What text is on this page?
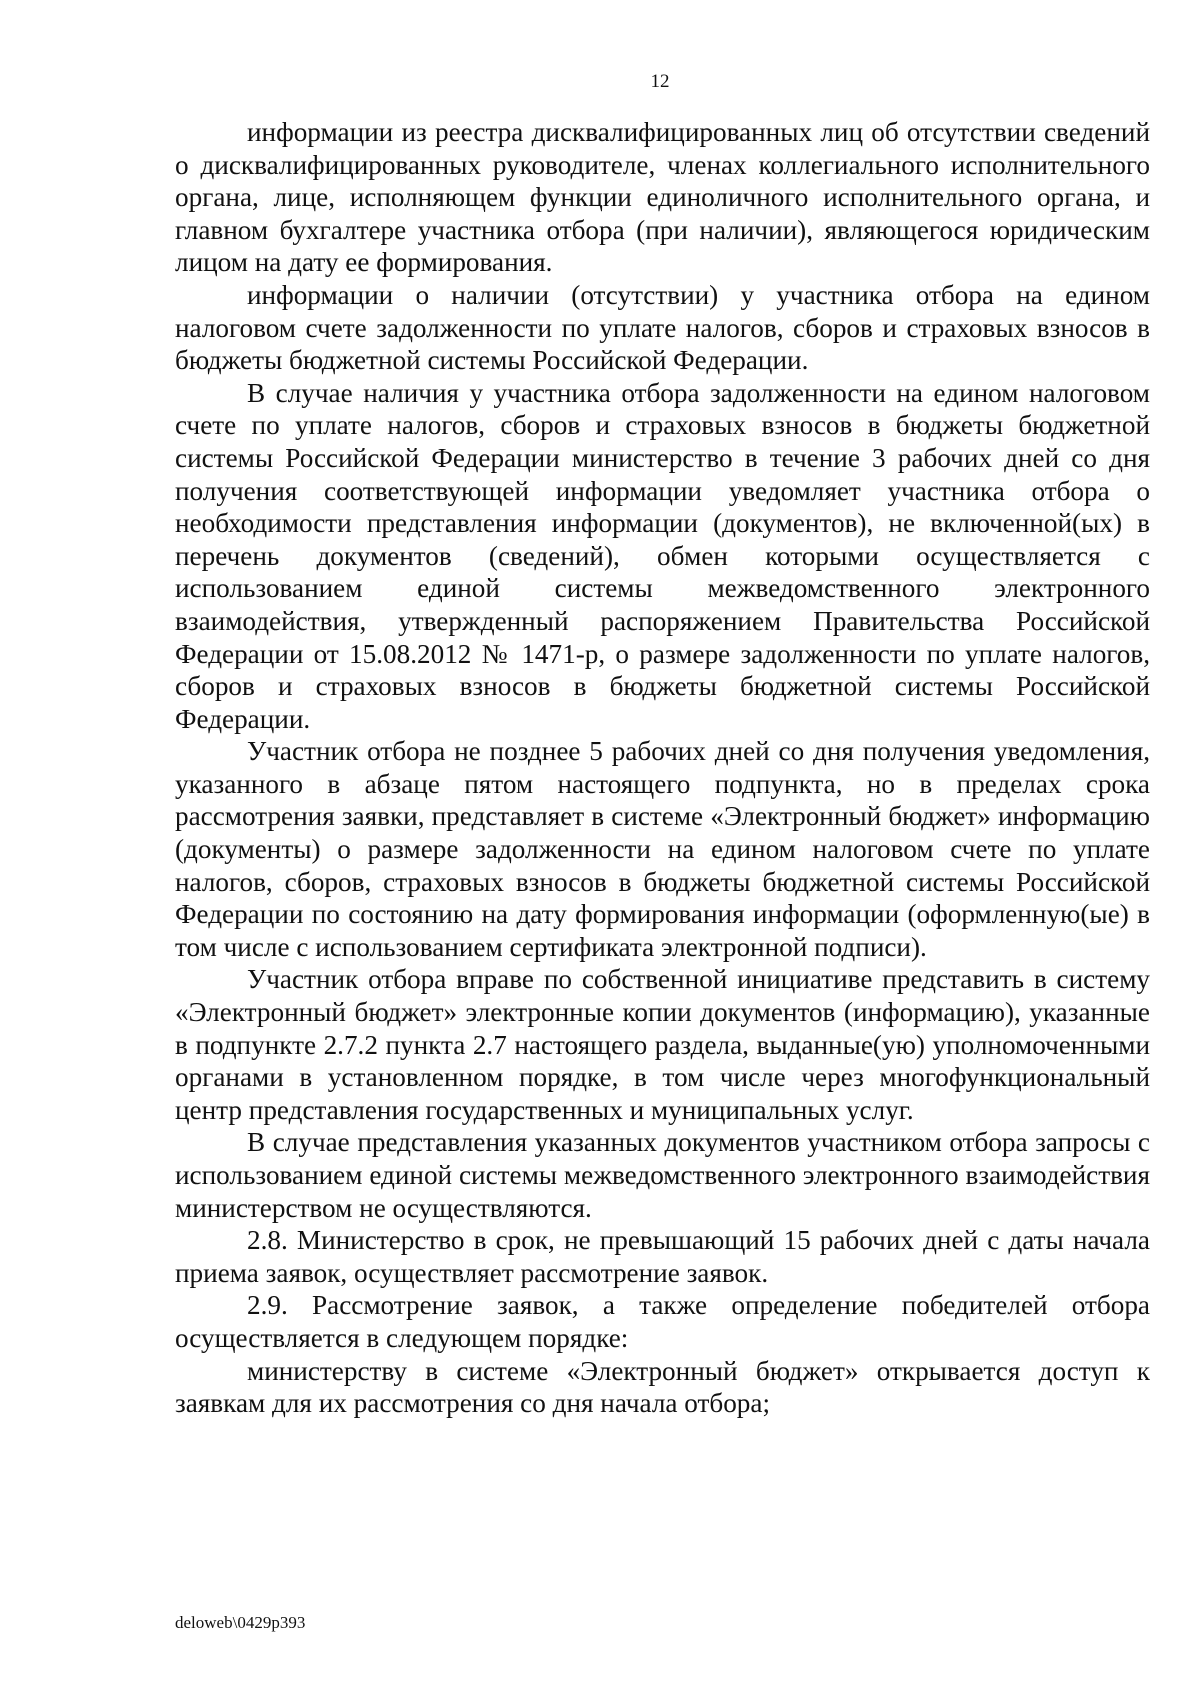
12

информации из реестра дисквалифицированных лиц об отсутствии сведений о дисквалифицированных руководителе, членах коллегиального исполнительного органа, лице, исполняющем функции единоличного исполнительного органа, и главном бухгалтере участника отбора (при наличии), являющегося юридическим лицом на дату ее формирования.

информации о наличии (отсутствии) у участника отбора на едином налоговом счете задолженности по уплате налогов, сборов и страховых взносов в бюджеты бюджетной системы Российской Федерации.

В случае наличия у участника отбора задолженности на едином налоговом счете по уплате налогов, сборов и страховых взносов в бюджеты бюджетной системы Российской Федерации министерство в течение 3 рабочих дней со дня получения соответствующей информации уведомляет участника отбора о необходимости представления информации (документов), не включенной(ых) в перечень документов (сведений), обмен которыми осуществляется с использованием единой системы межведомственного электронного взаимодействия, утвержденный распоряжением Правительства Российской Федерации от 15.08.2012 № 1471-р, о размере задолженности по уплате налогов, сборов и страховых взносов в бюджеты бюджетной системы Российской Федерации.

Участник отбора не позднее 5 рабочих дней со дня получения уведомления, указанного в абзаце пятом настоящего подпункта, но в пределах срока рассмотрения заявки, представляет в системе «Электронный бюджет» информацию (документы) о размере задолженности на едином налоговом счете по уплате налогов, сборов, страховых взносов в бюджеты бюджетной системы Российской Федерации по состоянию на дату формирования информации (оформленную(ые) в том числе с использованием сертификата электронной подписи).

Участник отбора вправе по собственной инициативе представить в систему «Электронный бюджет» электронные копии документов (информацию), указанные в подпункте 2.7.2 пункта 2.7 настоящего раздела, выданные(ую) уполномоченными органами в установленном порядке, в том числе через многофункциональный центр представления государственных и муниципальных услуг.

В случае представления указанных документов участником отбора запросы с использованием единой системы межведомственного электронного взаимодействия министерством не осуществляются.

2.8. Министерство в срок, не превышающий 15 рабочих дней с даты начала приема заявок, осуществляет рассмотрение заявок.

2.9. Рассмотрение заявок, а также определение победителей отбора осуществляется в следующем порядке:

министерству в системе «Электронный бюджет» открывается доступ к заявкам для их рассмотрения со дня начала отбора;

deloweb\0429p393
